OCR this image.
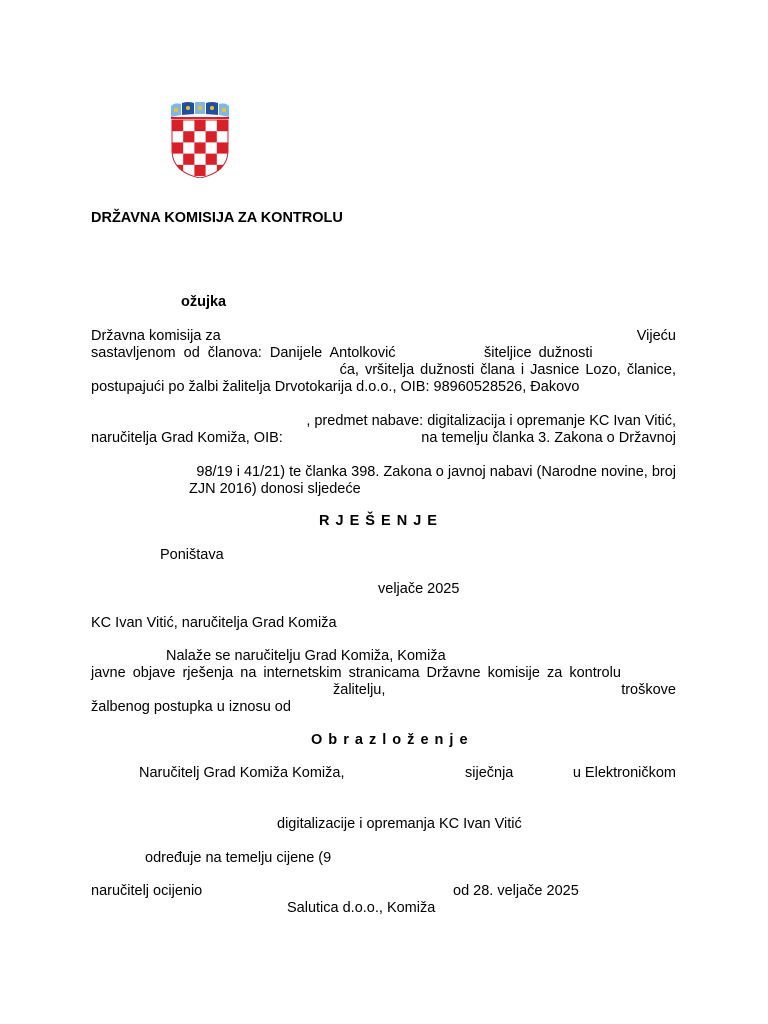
DRŽAVNA KOMISIJA ZA KONTROLU
ožujka
Državna komisija za	Vijeću
sastavljenom od članova: Danijele Antolković	šiteljice dužnosti
ća, vršitelja dužnosti člana i Jasnice Lozo, članice,
postupajući po žalbi žalitelja Drvotokarija d.o.o., OIB: 98960528526, Đakovo
, predmet nabave: digitalizacija i opremanje KC Ivan Vitić,
naručitelja Grad Komiža, OIB:	na temelju članka 3. Zakona o Državnoj
98/19 i 41/21) te članka 398. Zakona o javnoj nabavi (Narodne novine, broj
ZJN 2016) donosi sljedeće
R J E Š E N J E
Poništava
veljače 2025
KC Ivan Vitić, naručitelja Grad Komiža
Nalaže se naručitelju Grad Komiža, Komiža
javne objave rješenja na internetskim stranicama Državne komisije za kontrolu
žalitelju,	troškove
žalbenog postupka u iznosu od
O b r a z l o ž e n j e
Naručitelj Grad Komiža Komiža,	siječnja	u Elektroničkom
digitalizacije i opremanja KC Ivan Vitić
određuje na temelju cijene (9
naručitelj ocijenio	od 28. veljače 2025
Salutica d.o.o., Komiža
